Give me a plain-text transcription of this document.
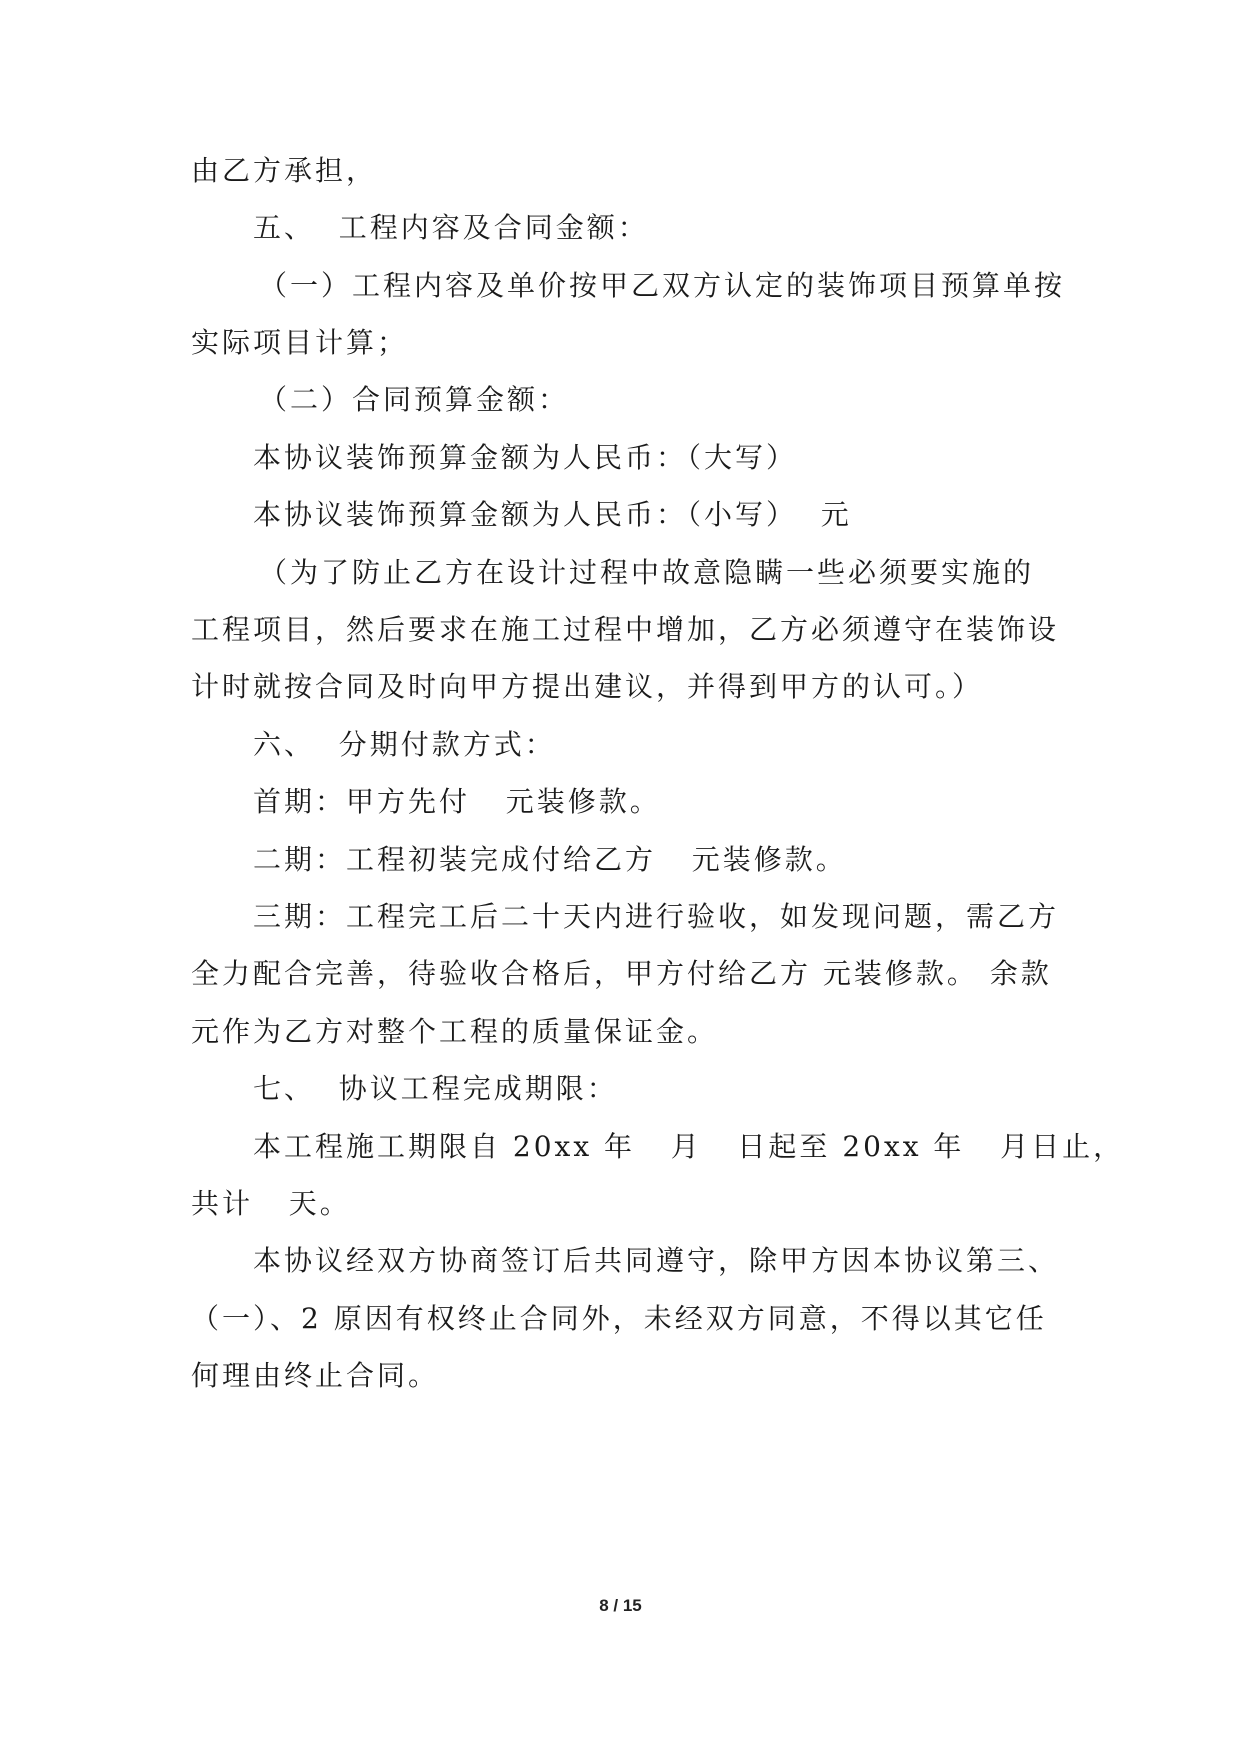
由乙方承担，
五、  工程内容及合同金额：
（一）工程内容及单价按甲乙双方认定的装饰项目预算单按
实际项目计算；
（二）合同预算金额：
本协议装饰预算金额为人民币：（大写）
本协议装饰预算金额为人民币：（小写）  元
（为了防止乙方在设计过程中故意隐瞒一些必须要实施的
工程项目，然后要求在施工过程中增加，乙方必须遵守在装饰设
计时就按合同及时向甲方提出建议，并得到甲方的认可。）
六、  分期付款方式：
首期：甲方先付   元装修款。
二期：工程初装完成付给乙方   元装修款。
三期：工程完工后二十天内进行验收，如发现问题，需乙方
全力配合完善，待验收合格后，甲方付给乙方 元装修款。 余款
元作为乙方对整个工程的质量保证金。
七、  协议工程完成期限：
本工程施工期限自 20xx 年   月   日起至 20xx 年   月日止，
共计   天。
本协议经双方协商签订后共同遵守，除甲方因本协议第三、
（一）、2 原因有权终止合同外，未经双方同意，不得以其它任
何理由终止合同。
8 / 15
